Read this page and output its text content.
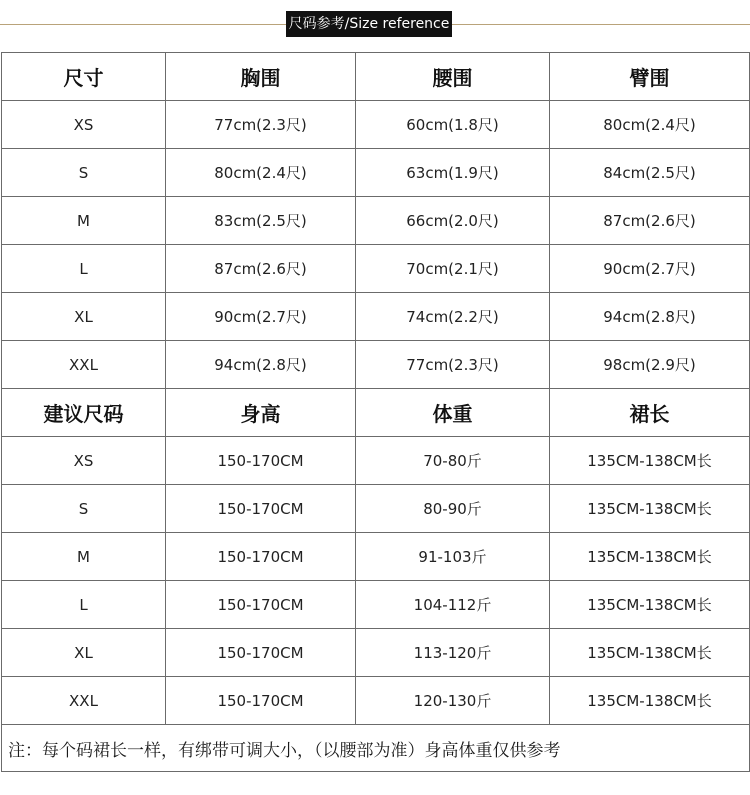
尺码参考/Size reference
尺寸	胸围	腰围	臂围
XS	77cm(2.3尺)	60cm(1.8尺)	80cm(2.4尺)
S	80cm(2.4尺)	63cm(1.9尺)	84cm(2.5尺)
M	83cm(2.5尺)	66cm(2.0尺)	87cm(2.6尺)
L	87cm(2.6尺)	70cm(2.1尺)	90cm(2.7尺)
XL	90cm(2.7尺)	74cm(2.2尺)	94cm(2.8尺)
XXL	94cm(2.8尺)	77cm(2.3尺)	98cm(2.9尺)
建议尺码	身高	体重	裙长
XS	150-170CM	70-80斤	135CM-138CM长
S	150-170CM	80-90斤	135CM-138CM长
M	150-170CM	91-103斤	135CM-138CM长
L	150-170CM	104-112斤	135CM-138CM长
XL	150-170CM	113-120斤	135CM-138CM长
XXL	150-170CM	120-130斤	135CM-138CM长
注：每个码裙长一样，有绑带可调大小，（以腰部为准）身高体重仅供参考			
